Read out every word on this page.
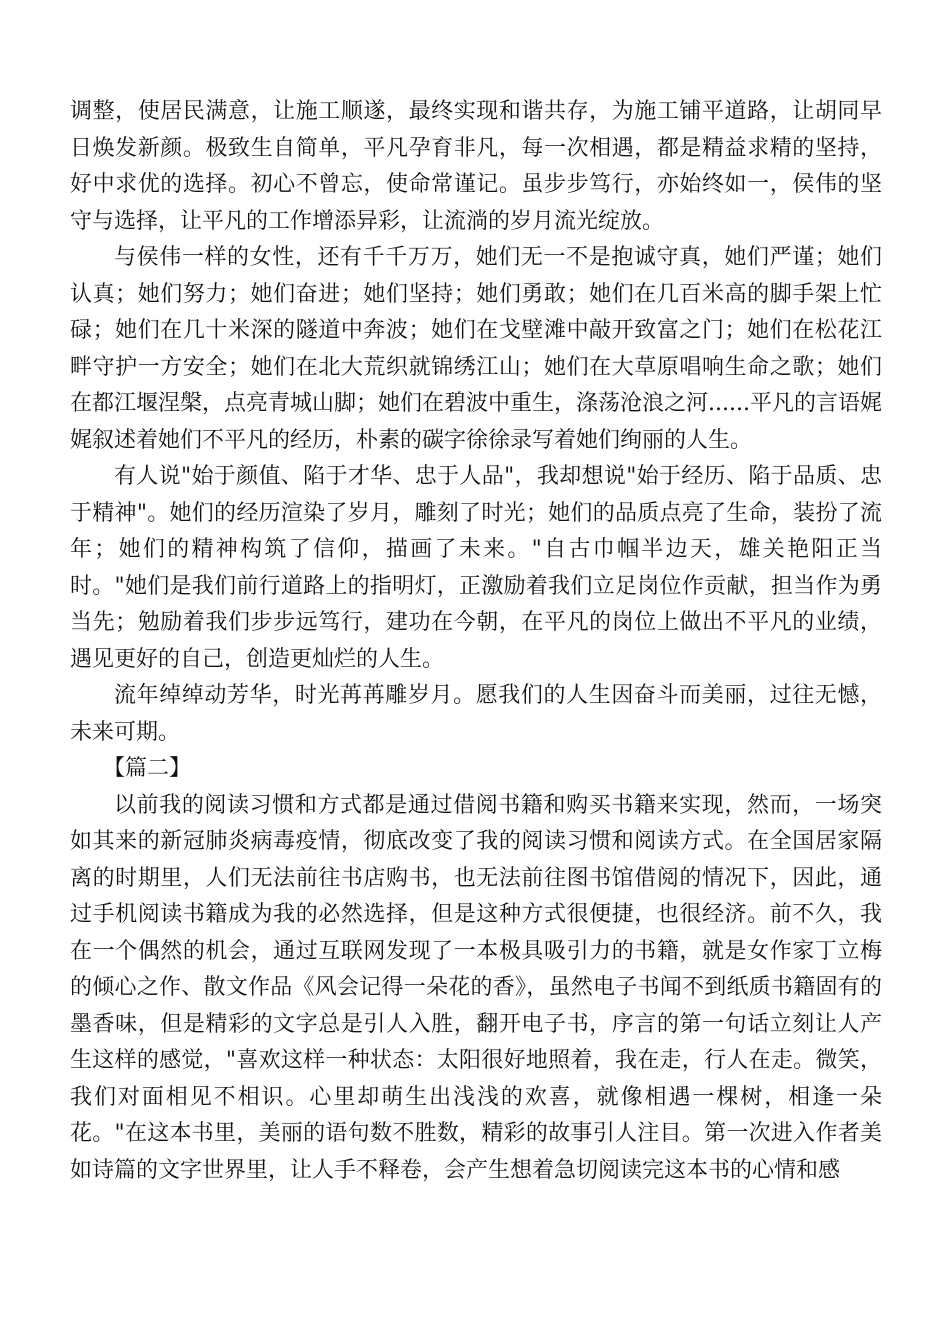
调整，使居民满意，让施工顺遂，最终实现和谐共存，为施工铺平道路，让胡同早日焕发新颜。极致生自简单，平凡孕育非凡，每一次相遇，都是精益求精的坚持，好中求优的选择。初心不曾忘，使命常谨记。虽步步笃行，亦始终如一，侯伟的坚守与选择，让平凡的工作增添异彩，让流淌的岁月流光绽放。

与侯伟一样的女性，还有千千万万，她们无一不是抱诚守真，她们严谨；她们认真；她们努力；她们奋进；她们坚持；她们勇敢；她们在几百米高的脚手架上忙碌；她们在几十米深的隧道中奔波；她们在戈壁滩中敲开致富之门；她们在松花江畔守护一方安全；她们在北大荒织就锦绣江山；她们在大草原唱响生命之歌；她们在都江堰涅槃，点亮青城山脚；她们在碧波中重生，涤荡沧浪之河......平凡的言语娓娓叙述着她们不平凡的经历，朴素的碳字徐徐录写着她们绚丽的人生。

有人说"始于颜值、陷于才华、忠于人品"，我却想说"始于经历、陷于品质、忠于精神"。她们的经历渲染了岁月，雕刻了时光；她们的品质点亮了生命，装扮了流年；她们的精神构筑了信仰，描画了未来。"自古巾帼半边天，雄关艳阳正当时。"她们是我们前行道路上的指明灯，正激励着我们立足岗位作贡献，担当作为勇当先；勉励着我们步步远笃行，建功在今朝，在平凡的岗位上做出不平凡的业绩，遇见更好的自己，创造更灿烂的人生。

流年绰绰动芳华，时光苒苒雕岁月。愿我们的人生因奋斗而美丽，过往无憾，未来可期。

【篇二】

以前我的阅读习惯和方式都是通过借阅书籍和购买书籍来实现，然而，一场突如其来的新冠肺炎病毒疫情，彻底改变了我的阅读习惯和阅读方式。在全国居家隔离的时期里，人们无法前往书店购书，也无法前往图书馆借阅的情况下，因此，通过手机阅读书籍成为我的必然选择，但是这种方式很便捷，也很经济。前不久，我在一个偶然的机会，通过互联网发现了一本极具吸引力的书籍，就是女作家丁立梅的倾心之作、散文作品《风会记得一朵花的香》，虽然电子书闻不到纸质书籍固有的墨香味，但是精彩的文字总是引人入胜，翻开电子书，序言的第一句话立刻让人产生这样的感觉，"喜欢这样一种状态：太阳很好地照着，我在走，行人在走。微笑，我们对面相见不相识。心里却萌生出浅浅的欢喜，就像相遇一棵树，相逢一朵花。"在这本书里，美丽的语句数不胜数，精彩的故事引人注目。第一次进入作者美如诗篇的文字世界里，让人手不释卷，会产生想着急切阅读完这本书的心情和感
